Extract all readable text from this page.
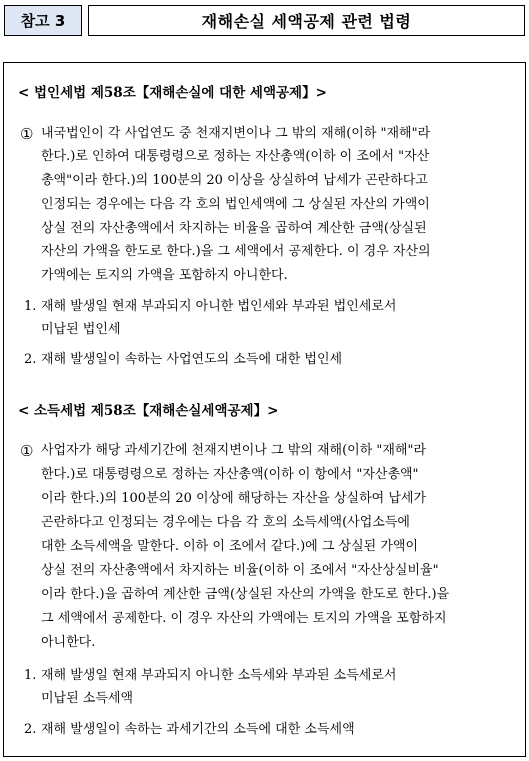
참고 3	재해손실 세액공제 관련 법령
< 법인세법 제58조【재해손실에 대한 세액공제】>
① 내국법인이 각 사업연도 중 천재지변이나 그 밖의 재해(이하 "재해"라
한다.)로 인하여 대통령령으로 정하는 자산총액(이하 이 조에서 "자산
총액"이라 한다.)의 100분의 20 이상을 상실하여 납세가 곤란하다고
인정되는 경우에는 다음 각 호의 법인세액에 그 상실된 자산의 가액이
상실 전의 자산총액에서 차지하는 비율을 곱하여 계산한 금액(상실된
자산의 가액을 한도로 한다.)을 그 세액에서 공제한다. 이 경우 자산의
가액에는 토지의 가액을 포함하지 아니한다.
1. 재해 발생일 현재 부과되지 아니한 법인세와 부과된 법인세로서
미납된 법인세
2. 재해 발생일이 속하는 사업연도의 소득에 대한 법인세
< 소득세법 제58조【재해손실세액공제】>
① 사업자가 해당 과세기간에 천재지변이나 그 밖의 재해(이하 "재해"라
한다.)로 대통령령으로 정하는 자산총액(이하 이 항에서 "자산총액"
이라 한다.)의 100분의 20 이상에 해당하는 자산을 상실하여 납세가
곤란하다고 인정되는 경우에는 다음 각 호의 소득세액(사업소득에
대한 소득세액을 말한다. 이하 이 조에서 같다.)에 그 상실된 가액이
상실 전의 자산총액에서 차지하는 비율(이하 이 조에서 "자산상실비율"
이라 한다.)을 곱하여 계산한 금액(상실된 자산의 가액을 한도로 한다.)을
그 세액에서 공제한다. 이 경우 자산의 가액에는 토지의 가액을 포함하지
아니한다.
1. 재해 발생일 현재 부과되지 아니한 소득세와 부과된 소득세로서
미납된 소득세액
2. 재해 발생일이 속하는 과세기간의 소득에 대한 소득세액
